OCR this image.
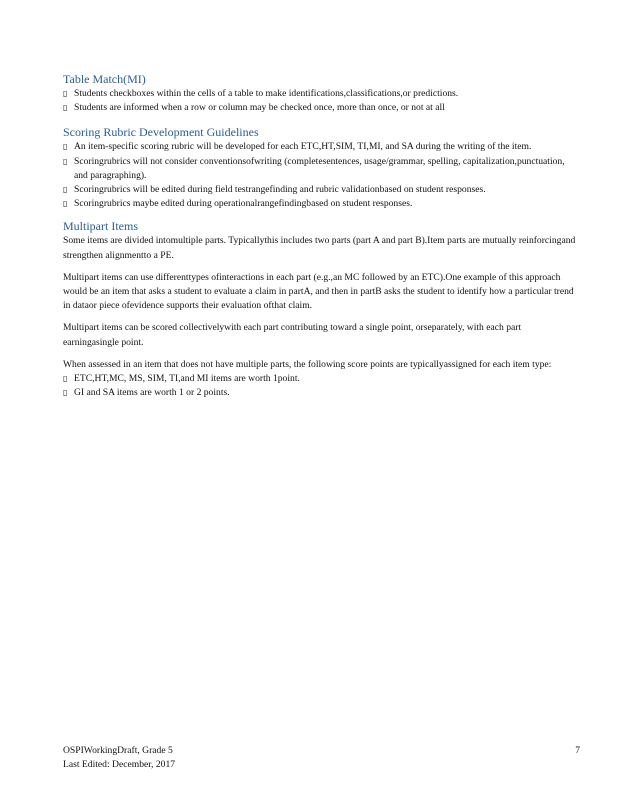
Table Match(MI)
▯ Students checkboxes within the cells of a table to make identifications,classifications,or predictions.
▯ Students are informed when a row or column may be checked once, more than once, or not at all
Scoring Rubric Development Guidelines
▯ An item-specific scoring rubric will be developed for each ETC,HT,SIM, TI,MI, and SA during the writing of the item.
▯ Scoringrubrics will not consider conventionsofwriting (completesentences, usage/grammar, spelling, capitalization,punctuation, and paragraphing).
▯ Scoringrubrics will be edited during field testrangefinding and rubric validationbased on student responses.
▯ Scoringrubrics maybe edited during operationalrangefindingbased on student responses.
Multipart Items

Some items are divided intomultiple parts. Typicallythis includes two parts (part A and part B).Item parts are mutually reinforcingand strengthen alignmentto a PE.

Multipart items can use differenttypes ofinteractions in each part (e.g.,an MC followed by an ETC).One example of this approach would be an item that asks a student to evaluate a claim in partA, and then in partB asks the student to identify how a particular trend in dataor piece ofevidence supports their evaluation ofthat claim.

Multipart items can be scored collectivelywith each part contributing toward a single point, orseparately, with each part earningasingle point.

When assessed in an item that does not have multiple parts, the following score points are typicallyassigned for each item type:

▯ ETC,HT,MC, MS, SIM, TI,and MI items are worth 1point.
▯ GI and SA items are worth 1 or 2 points.
OSPIWorkingDraft, Grade 5
Last Edited: December, 2017
7
